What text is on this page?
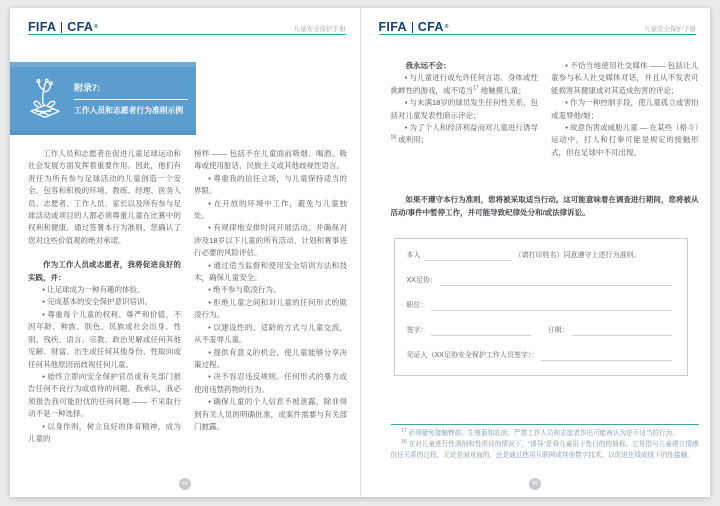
FIFA CFA ®	儿童安全保护手册
附录7:
工作人员和志愿者行为准则示例

工作人员和志愿者在促进儿童足球运动和社会发展方面发挥着重要作用。因此，他们有责任为所有参与足球活动的儿童创造一个安全、包容和积极的环境。教练、经理、医务人员、志愿者、工作人员、家长以及所有参与足球活动或项目的人都必须尊重儿童在比赛中的权利和健康。通过签署本行为准则，您确认了您对这些价值观的绝对承诺。

作为工作人员或志愿者，我将促进良好的实践，并：

• 让足球成为一种有趣的体验。

• 完成基本的安全保护意识培训。

• 尊重每个儿童的权利、尊严和价值，不因年龄、种族、肤色、民族或社会出身、性别、残疾、语言、宗教、政治见解或任何其他见解、财富、出生或任何其他身份、性取向或任何其他原因而歧视任何儿童。

• 始终立即向安全保护官员或有关部门报告任何不良行为或虐待的问题。我承认，我必须报告我可能担忧的任何问题 —— 不采取行动不是一种选择。

• 以身作则，树立良好的体育精神，成为儿童的

榜样 —— 包括不在儿童面前吸烟、喝酒、吸毒或使用脏话、民族主义或其他歧视性语言。

• 尊重我的信任立场，与儿童保持适当的界限。

• 在开放的环境中工作，避免与儿童独处。

• 有规律地安排时间开展活动，并确保对涉及18岁以下儿童的所有活动、计划和赛事进行必要的风险评估。

• 通过适当监督和使用安全培训方法和技术，确保儿童安全。

• 绝不参与欺凌行为。

• 拒绝儿童之间和对儿童的任何形式的欺凌行为。

• 以建设性的、适龄的方式与儿童交流，从不羞辱儿童。

• 提供有意义的机会，使儿童能够分享决策过程。

• 决不容忍违反规则、任何形式的暴力或使用违禁药物的行为。

• 确保儿童的个人信息不被泄露，除非得到有关人员的明确批准，或案件需要与有关部门披露。

64
FIFA CFA ®	儿童安全保护手册

我永远不会：

• 与儿童进行或允许任何言语、身体或性挑衅性的游戏，或不适当$^{17}$ 地触摸儿童；

• 与未满18岁的球员发生任何性关系，包括对儿童发表性暗示评论；

• 为了个人和经济利益而对儿童进行诱导$^{18}$ 或利用；

• 不恰当地使用社交媒体 —— 包括让儿童参与私人社交媒体对话，并且从不发表可能损害其健康或对其造成伤害的评论；

• 作为一种控制手段，使儿童孤立或害怕或羞辱他/她；

• 故意伤害或威胁儿童 — 在某些（格斗）运动中，打人和打拳可能是规定的接触形式，但在足球中不可出现。

如果不遵守本行为准则，您将被采取适当行动。这可能意味着在调查进行期间，您将被从活动/事件中暂停工作，并可能导致纪律处分和/或法律诉讼。

本人	（请打印姓名）同意遵守上述行为准则。
XX足协：
职位：
签字：	日期：
见证人（XX足协安全保护工作人员签字）：

$^{17}$ 必须避免接触臀部、生殖器和乳房。严禁工作人员和志愿者作出可能被认为是不适当的行为。

$^{18}$ 在对儿童进行性剥削和性虐待的情况下，“诱导”是将儿童用于性目的的简称。它是指与儿童建立情感信任关系的过程，无论是面对面的，还是通过使用互联网或其他数字技术，以促进在线或线下的性接触。

65
